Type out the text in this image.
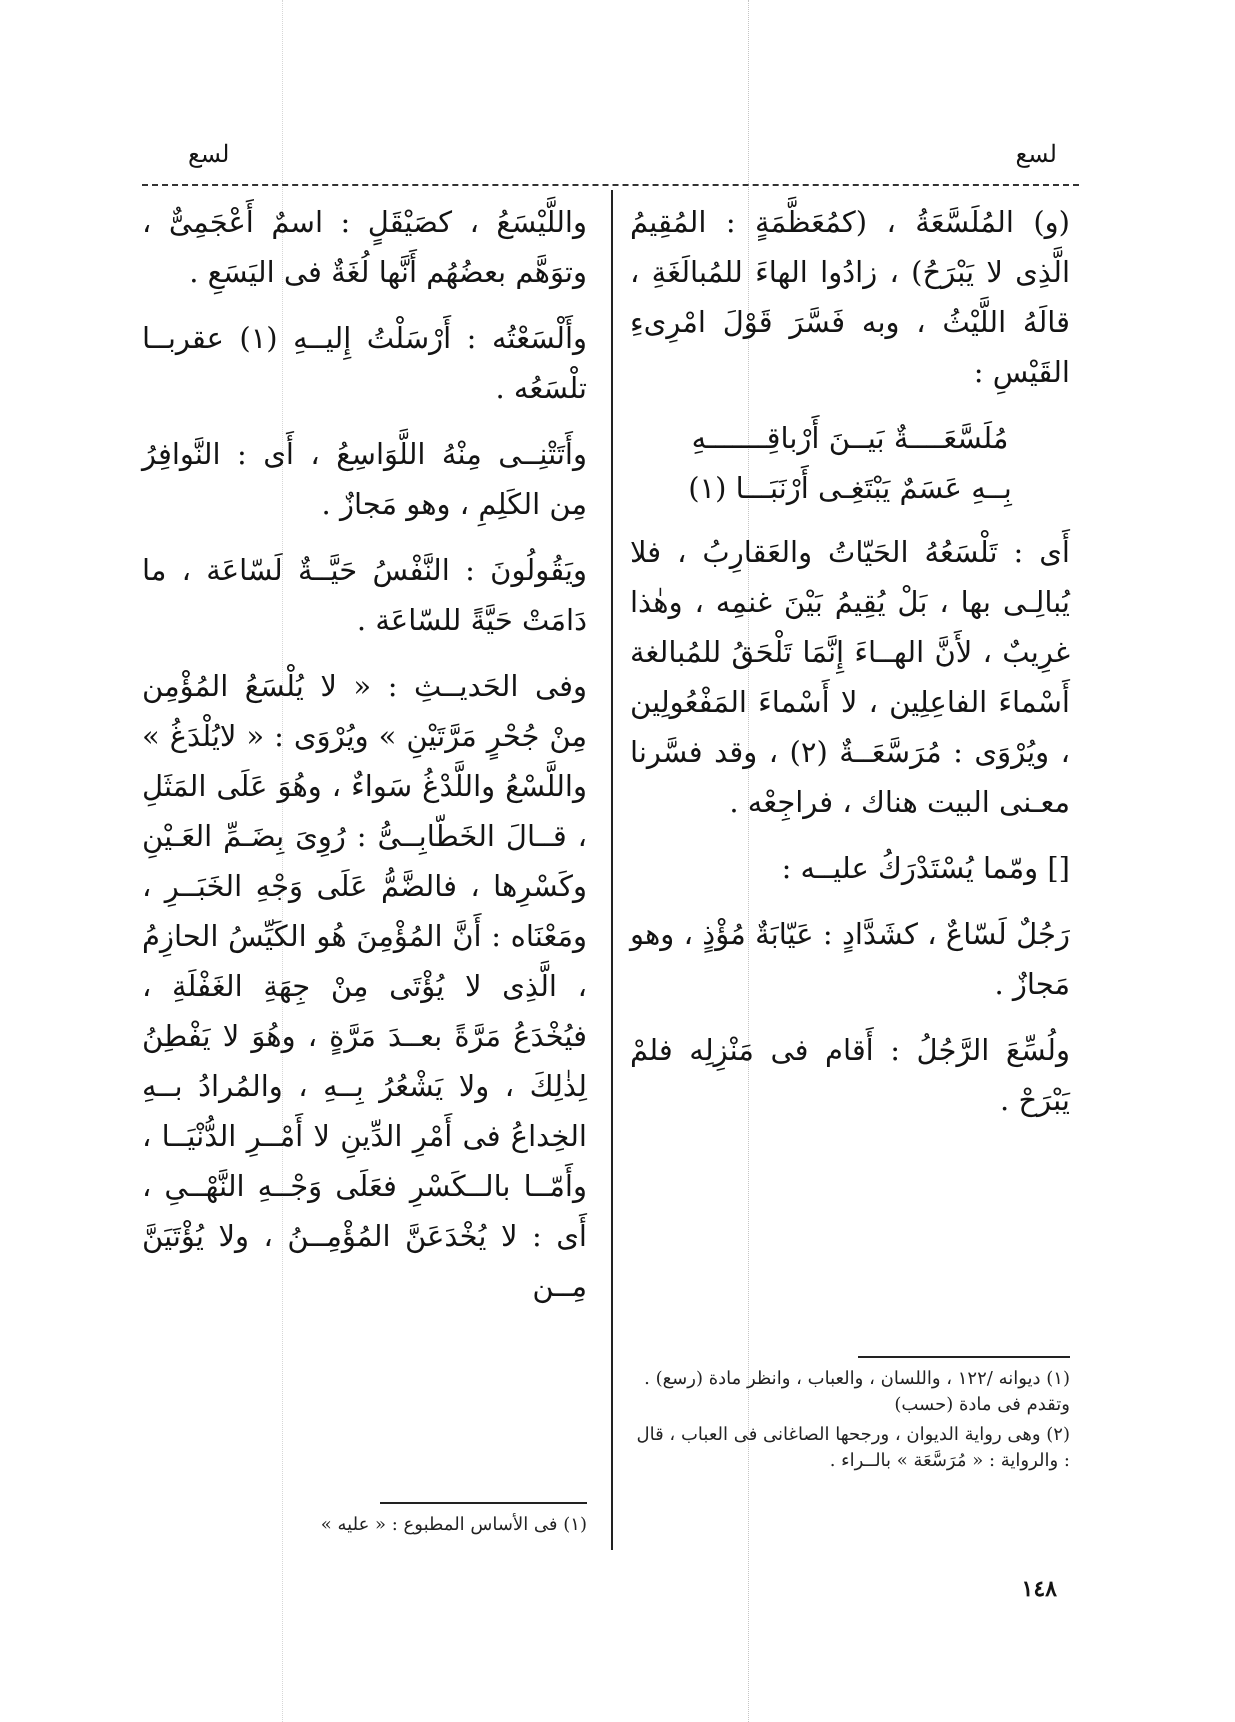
لسع
لسع

(و) المُلَسَّعَةُ ، (كمُعَظَّمَةٍ : المُقِيمُ الَّذِى لا يَبْرَحُ) ، زادُوا الهاءَ للمُبالَغَةِ ، قالَهُ اللَّيْثُ ، وبه فَسَّرَ قَوْلَ امْرِىءِ القَيْسِ :

مُلَسَّعَــــةٌ بَيــنَ أَرْباقِـــــــهِ
بِــهِ عَسَمٌ يَبْتَغِـى أَرْنَبَـــا (١)

أَى : تَلْسَعُهُ الحَيّاتُ والعَقارِبُ ، فلا يُبالِـى بها ، بَلْ يُقِيمُ بَيْنَ غنمِه ، وهٰذا غرِيبٌ ، لأَنَّ الهــاءَ إِنَّمَا تَلْحَقُ للمُبالغة أَسْماءَ الفاعِلِين ، لا أَسْماءَ المَفْعُولِين ، ويُرْوَى : مُرَسَّعَــةٌ (٢) ، وقد فسَّرنا معـنى البيت هناك ، فراجِعْه .

[] ومّما يُسْتَدْرَكُ عليــه :

رَجُلٌ لَسّاعٌ ، كشَدَّادٍ : عَيّابَةٌ مُؤْذٍ ، وهو مَجازٌ .

ولُسِّعَ الرَّجُلُ : أَقام فى مَنْزِلِه فلمْ يَبْرَحْ .

واللَّيْسَعُ ، كصَيْقَلٍ : اسمٌ أَعْجَمِىٌّ ، وتوَهَّم بعضُهُم أَنَّها لُغَةٌ فى اليَسَعِ .

وأَلْسَعْتُه : أَرْسَلْتُ إِليــهِ (١) عقربــا تلْسَعُه .

وأَتَتْنِــى مِنْهُ اللَّوَاسِعُ ، أَى : النَّوافِرُ مِن الكَلِمِ ، وهو مَجازٌ .

ويَقُولُونَ : النَّفْسُ حَيَّــةٌ لَسّاعَة ، ما دَامَتْ حَيَّةً للسّاعَة .

وفى الحَديــثِ : « لا يُلْسَعُ المُؤْمِن مِنْ جُحْرٍ مَرَّتَيْنِ » ويُرْوَى : « لايُلْدَغُ » واللَّسْعُ واللَّدْغُ سَواءٌ ، وهُوَ عَلَى المَثَلِ ، قــالَ الخَطّابِــىُّ : رُوِىَ بِضَـمِّ العَـيْنِ وكَسْرِها ، فالضَّمُّ عَلَى وَجْهِ الخَبَــرِ ، ومَعْنَاه : أَنَّ المُؤْمِنَ هُو الكَيِّسُ الحازِمُ ، الَّذِى لا يُؤْتَى مِنْ جِهَةِ الغَفْلَةِ ، فيُخْدَعُ مَرَّةً بعــدَ مَرَّةٍ ، وهُوَ لا يَفْطِنُ لِذٰلِكَ ، ولا يَشْعُرُ بِــهِ ، والمُرادُ بــهِ الخِداعُ فى أَمْرِ الدِّينِ لا أَمْــرِ الدُّنْيَــا ، وأَمّــا بالــكَسْرِ فعَلَى وَجْــهِ النَّهْــىِ ، أَى : لا يُخْدَعَنَّ المُؤْمِــنُ ، ولا يُؤْتَيَنَّ مِــن

(١) ديوانه /١٢٢ ، واللسان ، والعباب ، وانظر مادة (رسع) . وتقدم فى مادة (حسب)

(٢) وهى رواية الديوان ، ورجحها الصاغانى فى العباب ، قال : والرواية : « مُرَسَّعَة » بالــراء .

(١) فى الأساس المطبوع : « عليه »

١٤٨
